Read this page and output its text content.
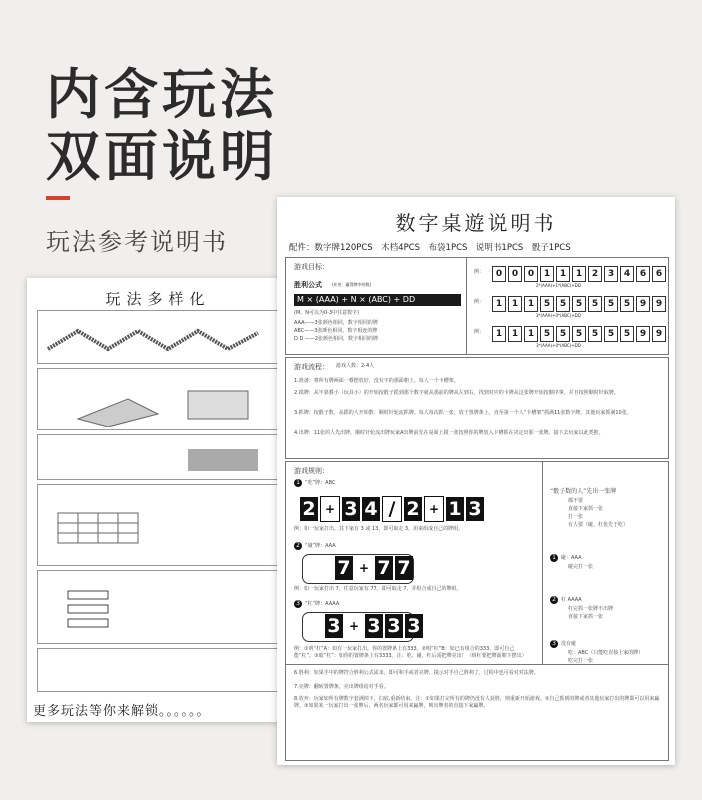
内含玩法
双面说明
玩法参考说明书
玩法多样化
更多玩法等你来解锁。。。。。。
数字桌遊说明书
配件：数字牌120PCS　木档4PCS　布袋1PCS　说明书1PCS　骰子1PCS
游戏目标：
胜利公式	(补充：赢得牌中的数)
M × (AAA) + N × (ABC) + DD
(M、N可以为0-3中任意数字)
AAA——3张颜色相同，数字相同的牌
ABC——3张颜色相同，数字相连的牌
D D ——2张颜色相同，数字相同的牌
例：	0	0	0	1	1	1	2	3	4	6	6
2*(AAA)+1*(ABC)+DD
例：	1	1	1	5	5	5	5	5	5	9	9
3*(AAA)+0*(ABC)+DD
例：	1	1	1	5	5	5	5	5	5	9	9
3*(AAA)+0*(ABC)+DD
游戏流程： 游戏人数：2-4人
1.准备：将所有牌两面一叠摆放好，没有字的那面朝上。每人一个卡槽架。
2.摸牌：从牢靠叠小（玩具小）的开始按骰子摇到那个数字就从那前的牌从左到右，找到对应的卡牌从这张牌开始按顺序拿，并且按照顺时针取牌。
3.抓牌：按骰子数，从摇的人开始数：顺时针轮流抓牌。每人每次抓一张，放于置牌条上，直至第一个人“卡槽架”抓满11张数字牌。其他玩家抓满10张。
4.出牌：11张的人先出牌，顺时针轮流出牌玩家A出牌前先在桌面上摸一张按照你的牌放入卡槽抓在决定出那一张牌。接下去玩家以此类推。
游戏规则：
1 “吃”牌：ABC
2 + 3 4 / 2 + 1 3
例：如一玩家打出，其下家有 3 或 13，即可取走 3，用来组成自己的牌组。
2 “碰”牌：AAA
7 + 7 7
例：如一玩家打出 7，任意玩家有 77，即可取走 7，并组合成自己的牌组。
3 “杠”牌：AAAA
3 + 3 3 3
例：①明“杠”A：如有一玩家打出，你的置牌条上有333。②明“杠”B：如已有组合的333，即可自己能“杠”。③暗“杠”：如你的置牌条上有3333。注：吃、碰、杠后需把牌亮出！（组杠要把牌面朝下摆出）
“骰子数的人”先出一张牌
都不要
直接下家抓一张
打一张
有人要（碰、杠优先于吃）
1 碰：AAA
碰完打一张
2 杠 AAAA
杠完抓一张牌不出牌
直接下家抓一张
3 没有碰
吃：ABC（只能吃直接上家的牌）
吃完打一张
6.胜利：如果手中的牌符合胜利公式需求，即可和手或者亮牌。提示对手自己胜利了，过程中也可看对对法牌。
7.亮牌：翻转置牌条，亮出牌组给对手看。
8.放弃：玩家如所有牌数字套满掉下，扫底,重新结束。注：①如果打完所有的牌仍没有人获胜，则重新开始游戏。②自己抓到的牌或者其他玩家打出的牌即可以用来赢牌。③如果某一玩家打出一张牌后，两名玩家都可用来赢牌，则出牌者的直接下家赢牌。
